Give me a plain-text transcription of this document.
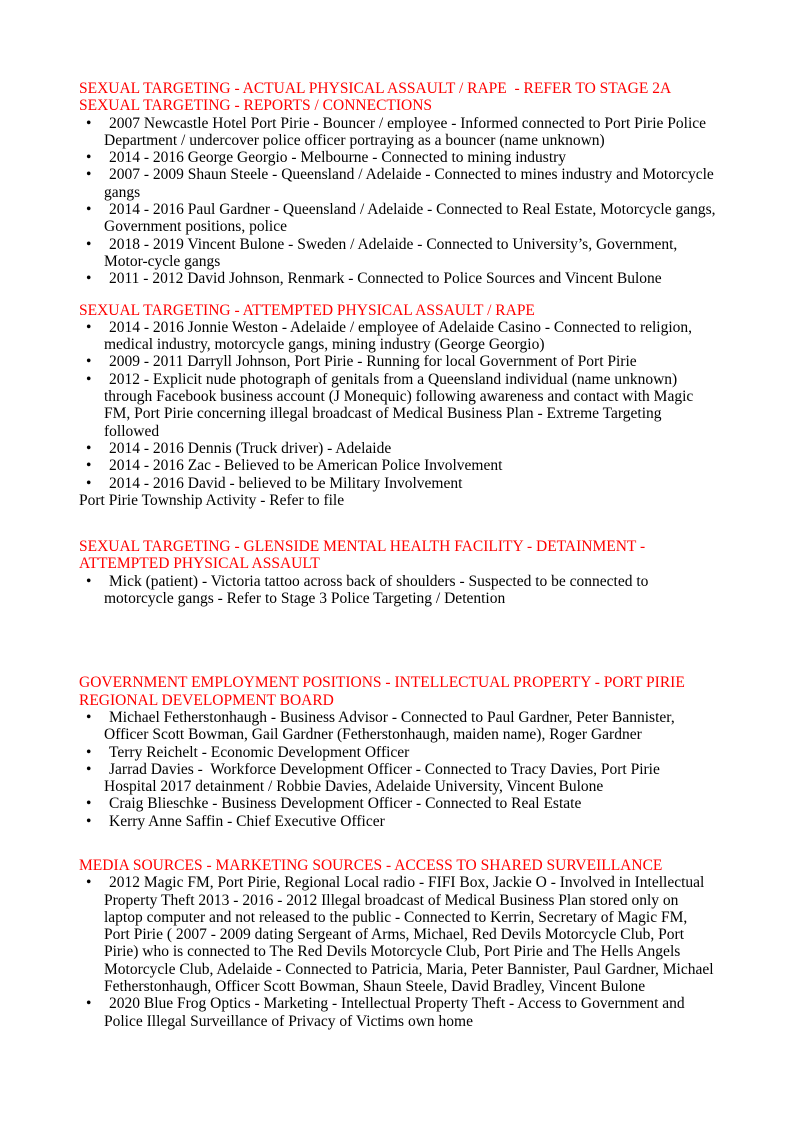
SEXUAL TARGETING - ACTUAL PHYSICAL ASSAULT / RAPE  - REFER TO STAGE 2A SEXUAL TARGETING - REPORTS / CONNECTIONS
• 2007 Newcastle Hotel Port Pirie - Bouncer / employee - Informed connected to Port Pirie Police Department / undercover police officer portraying as a bouncer (name unknown)
• 2014 - 2016 George Georgio - Melbourne - Connected to mining industry
• 2007 - 2009 Shaun Steele - Queensland / Adelaide - Connected to mines industry and Motorcycle gangs
• 2014 - 2016 Paul Gardner - Queensland / Adelaide - Connected to Real Estate, Motorcycle gangs, Government positions, police
• 2018 - 2019 Vincent Bulone - Sweden / Adelaide - Connected to University’s, Government, Motor-cycle gangs
• 2011 - 2012 David Johnson, Renmark - Connected to Police Sources and Vincent Bulone
SEXUAL TARGETING - ATTEMPTED PHYSICAL ASSAULT / RAPE
• 2014 - 2016 Jonnie Weston - Adelaide / employee of Adelaide Casino - Connected to religion, medical industry, motorcycle gangs, mining industry (George Georgio)
• 2009 - 2011 Darryll Johnson, Port Pirie - Running for local Government of Port Pirie
• 2012 - Explicit nude photograph of genitals from a Queensland individual (name unknown) through Facebook business account (J Monequic) following awareness and contact with Magic FM, Port Pirie concerning illegal broadcast of Medical Business Plan - Extreme Targeting followed
• 2014 - 2016 Dennis (Truck driver) - Adelaide
• 2014 - 2016 Zac - Believed to be American Police Involvement
• 2014 - 2016 David - believed to be Military Involvement

Port Pirie Township Activity - Refer to file

SEXUAL TARGETING - GLENSIDE MENTAL HEALTH FACILITY - DETAINMENT - ATTEMPTED PHYSICAL ASSAULT
• Mick (patient) - Victoria tattoo across back of shoulders - Suspected to be connected to motorcycle gangs - Refer to Stage 3 Police Targeting / Detention
GOVERNMENT EMPLOYMENT POSITIONS - INTELLECTUAL PROPERTY - PORT PIRIE REGIONAL DEVELOPMENT BOARD
• Michael Fetherstonhaugh - Business Advisor - Connected to Paul Gardner, Peter Bannister, Officer Scott Bowman, Gail Gardner (Fetherstonhaugh, maiden name), Roger Gardner
• Terry Reichelt - Economic Development Officer
• Jarrad Davies -  Workforce Development Officer - Connected to Tracy Davies, Port Pirie Hospital 2017 detainment / Robbie Davies, Adelaide University, Vincent Bulone
• Craig Blieschke - Business Development Officer - Connected to Real Estate
• Kerry Anne Saffin - Chief Executive Officer
MEDIA SOURCES - MARKETING SOURCES - ACCESS TO SHARED SURVEILLANCE
• 2012 Magic FM, Port Pirie, Regional Local radio - FIFI Box, Jackie O - Involved in Intellectual Property Theft 2013 - 2016 - 2012 Illegal broadcast of Medical Business Plan stored only on laptop computer and not released to the public - Connected to Kerrin, Secretary of Magic FM, Port Pirie ( 2007 - 2009 dating Sergeant of Arms, Michael, Red Devils Motorcycle Club, Port Pirie) who is connected to The Red Devils Motorcycle Club, Port Pirie and The Hells Angels Motorcycle Club, Adelaide - Connected to Patricia, Maria, Peter Bannister, Paul Gardner, Michael Fetherstonhaugh, Officer Scott Bowman, Shaun Steele, David Bradley, Vincent Bulone
• 2020 Blue Frog Optics - Marketing - Intellectual Property Theft - Access to Government and Police Illegal Surveillance of Privacy of Victims own home
